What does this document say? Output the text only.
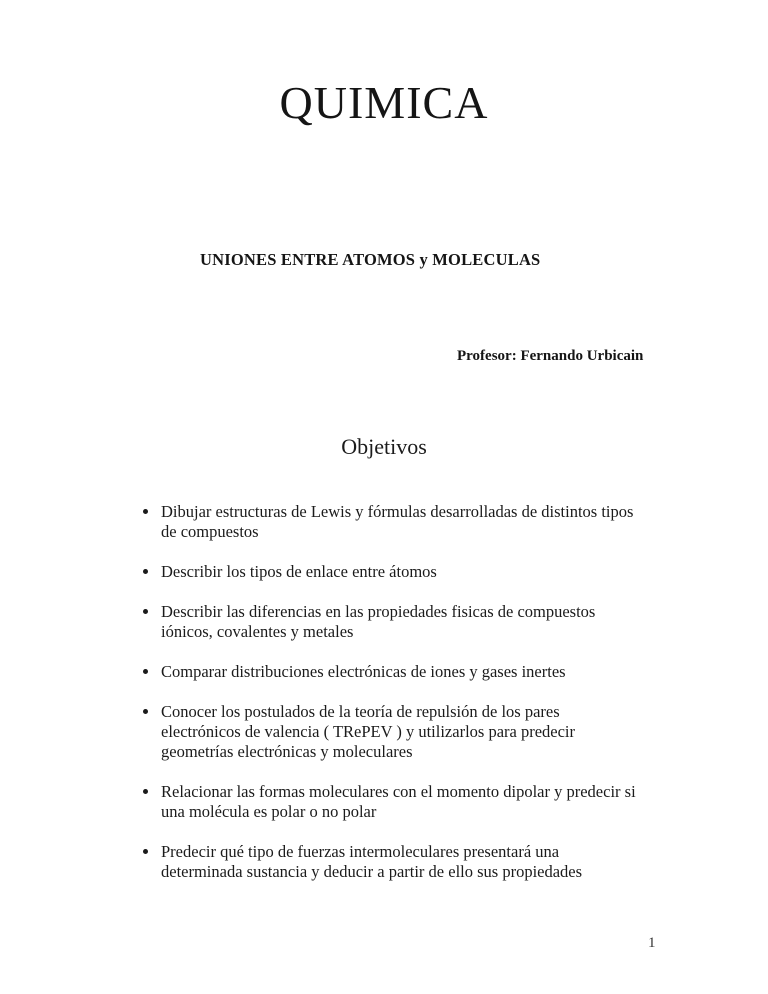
QUIMICA
UNIONES ENTRE ATOMOS y MOLECULAS
Profesor: Fernando Urbicain
Objetivos
• Dibujar estructuras de Lewis y fórmulas desarrolladas de distintos tipos de compuestos
• Describir los tipos de enlace entre átomos
• Describir las diferencias en las propiedades fisicas de compuestos iónicos, covalentes y metales
• Comparar distribuciones electrónicas de iones y gases inertes
• Conocer los postulados de la teoría de repulsión de los pares electrónicos de valencia ( TRePEV ) y utilizarlos para predecir geometrías electrónicas y moleculares
• Relacionar las formas moleculares con el momento dipolar y predecir si una molécula es polar o no polar
• Predecir qué tipo de fuerzas intermoleculares presentará una determinada sustancia y deducir a partir de ello sus propiedades
1
